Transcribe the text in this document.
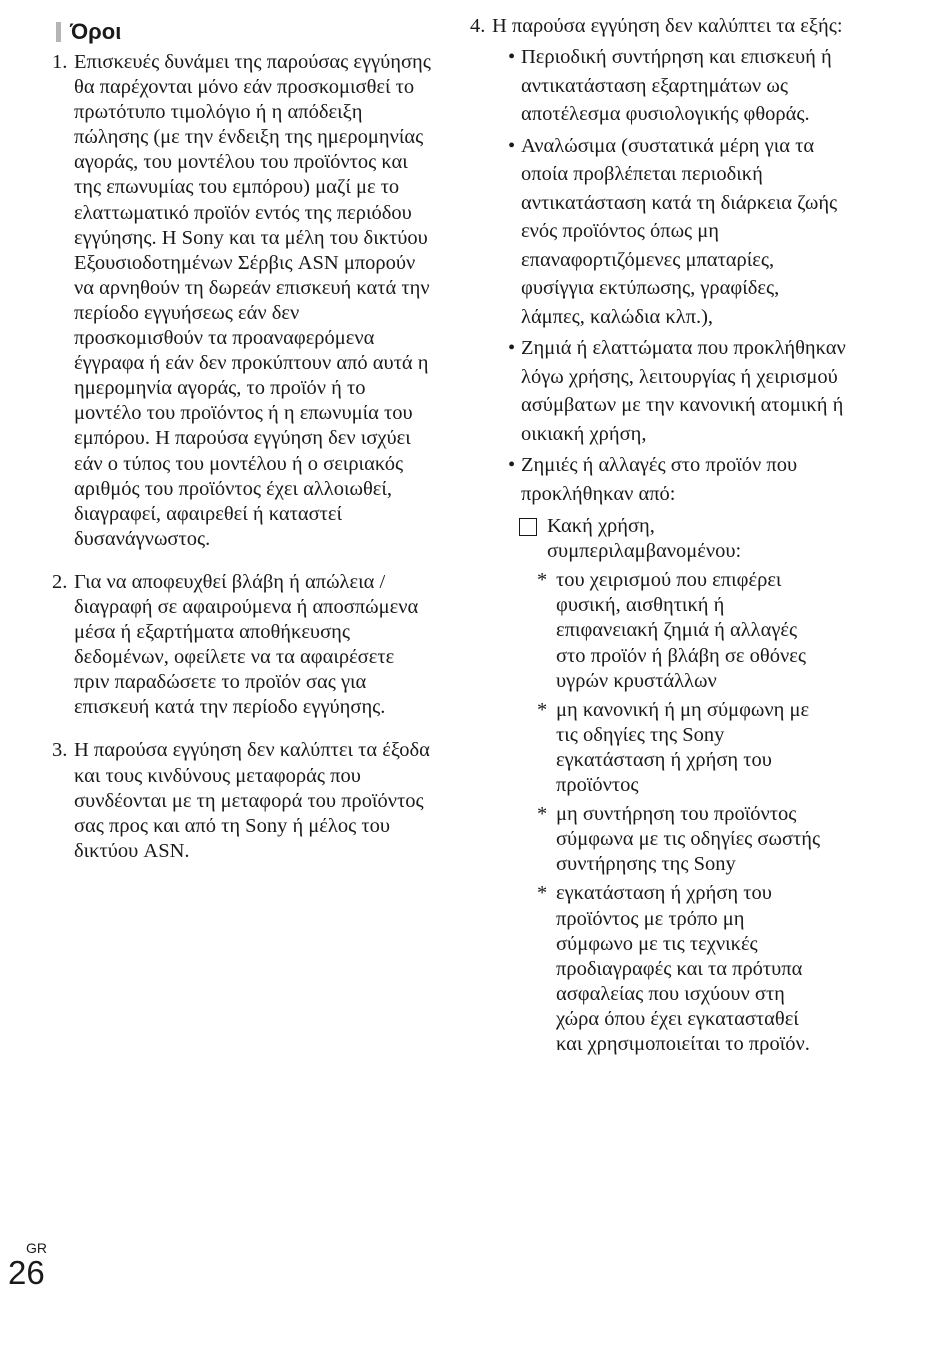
Όροι
1. Επισκευές δυνάμει της παρούσας εγγύησης θα παρέχονται μόνο εάν προσκομισθεί το πρωτότυπο τιμολόγιο ή η απόδειξη πώλησης (με την ένδειξη της ημερομηνίας αγοράς, του μοντέλου του προϊόντος και της επωνυμίας του εμπόρου) μαζί με το ελαττωματικό προϊόν εντός της περιόδου εγγύησης. Η Sony και τα μέλη του δικτύου Εξουσιοδοτημένων Σέρβις ASN μπορούν να αρνηθούν τη δωρεάν επισκευή κατά την περίοδο εγγυήσεως εάν δεν προσκομισθούν τα προαναφερόμενα έγγραφα ή εάν δεν προκύπτουν από αυτά η ημερομηνία αγοράς, το προϊόν ή το μοντέλο του προϊόντος ή η επωνυμία του εμπόρου. Η παρούσα εγγύηση δεν ισχύει εάν ο τύπος του μοντέλου ή ο σειριακός αριθμός του προϊόντος έχει αλλοιωθεί, διαγραφεί, αφαιρεθεί ή καταστεί δυσανάγνωστος.
2. Για να αποφευχθεί βλάβη ή απώλεια / διαγραφή σε αφαιρούμενα ή αποσπώμενα μέσα ή εξαρτήματα αποθήκευσης δεδομένων, οφείλετε να τα αφαιρέσετε πριν παραδώσετε το προϊόν σας για επισκευή κατά την περίοδο εγγύησης.
3. Η παρούσα εγγύηση δεν καλύπτει τα έξοδα και τους κινδύνους μεταφοράς που συνδέονται με τη μεταφορά του προϊόντος σας προς και από τη Sony ή μέλος του δικτύου ASN.
4. Η παρούσα εγγύηση δεν καλύπτει τα εξής:
• Περιοδική συντήρηση και επισκευή ή αντικατάσταση εξαρτημάτων ως αποτέλεσμα φυσιολογικής φθοράς.
• Αναλώσιμα (συστατικά μέρη για τα οποία προβλέπεται περιοδική αντικατάσταση κατά τη διάρκεια ζωής ενός προϊόντος όπως μη επαναφορτιζόμενες μπαταρίες, φυσίγγια εκτύπωσης, γραφίδες, λάμπες, καλώδια κλπ.),
• Ζημιά ή ελαττώματα που προκλήθηκαν λόγω χρήσης, λειτουργίας ή χειρισμού ασύμβατων με την κανονική ατομική ή οικιακή χρήση,
• Ζημιές ή αλλαγές στο προϊόν που προκλήθηκαν από:
Κακή χρήση, συμπεριλαμβανομένου:
* του χειρισμού που επιφέρει φυσική, αισθητική ή επιφανειακή ζημιά ή αλλαγές στο προϊόν ή βλάβη σε οθόνες υγρών κρυστάλλων
* μη κανονική ή μη σύμφωνη με τις οδηγίες της Sony εγκατάσταση ή χρήση του προϊόντος
* μη συντήρηση του προϊόντος σύμφωνα με τις οδηγίες σωστής συντήρησης της Sony
* εγκατάσταση ή χρήση του προϊόντος με τρόπο μη σύμφωνο με τις τεχνικές προδιαγραφές και τα πρότυπα ασφαλείας που ισχύουν στη χώρα όπου έχει εγκατασταθεί και χρησιμοποιείται το προϊόν.
GR
26
